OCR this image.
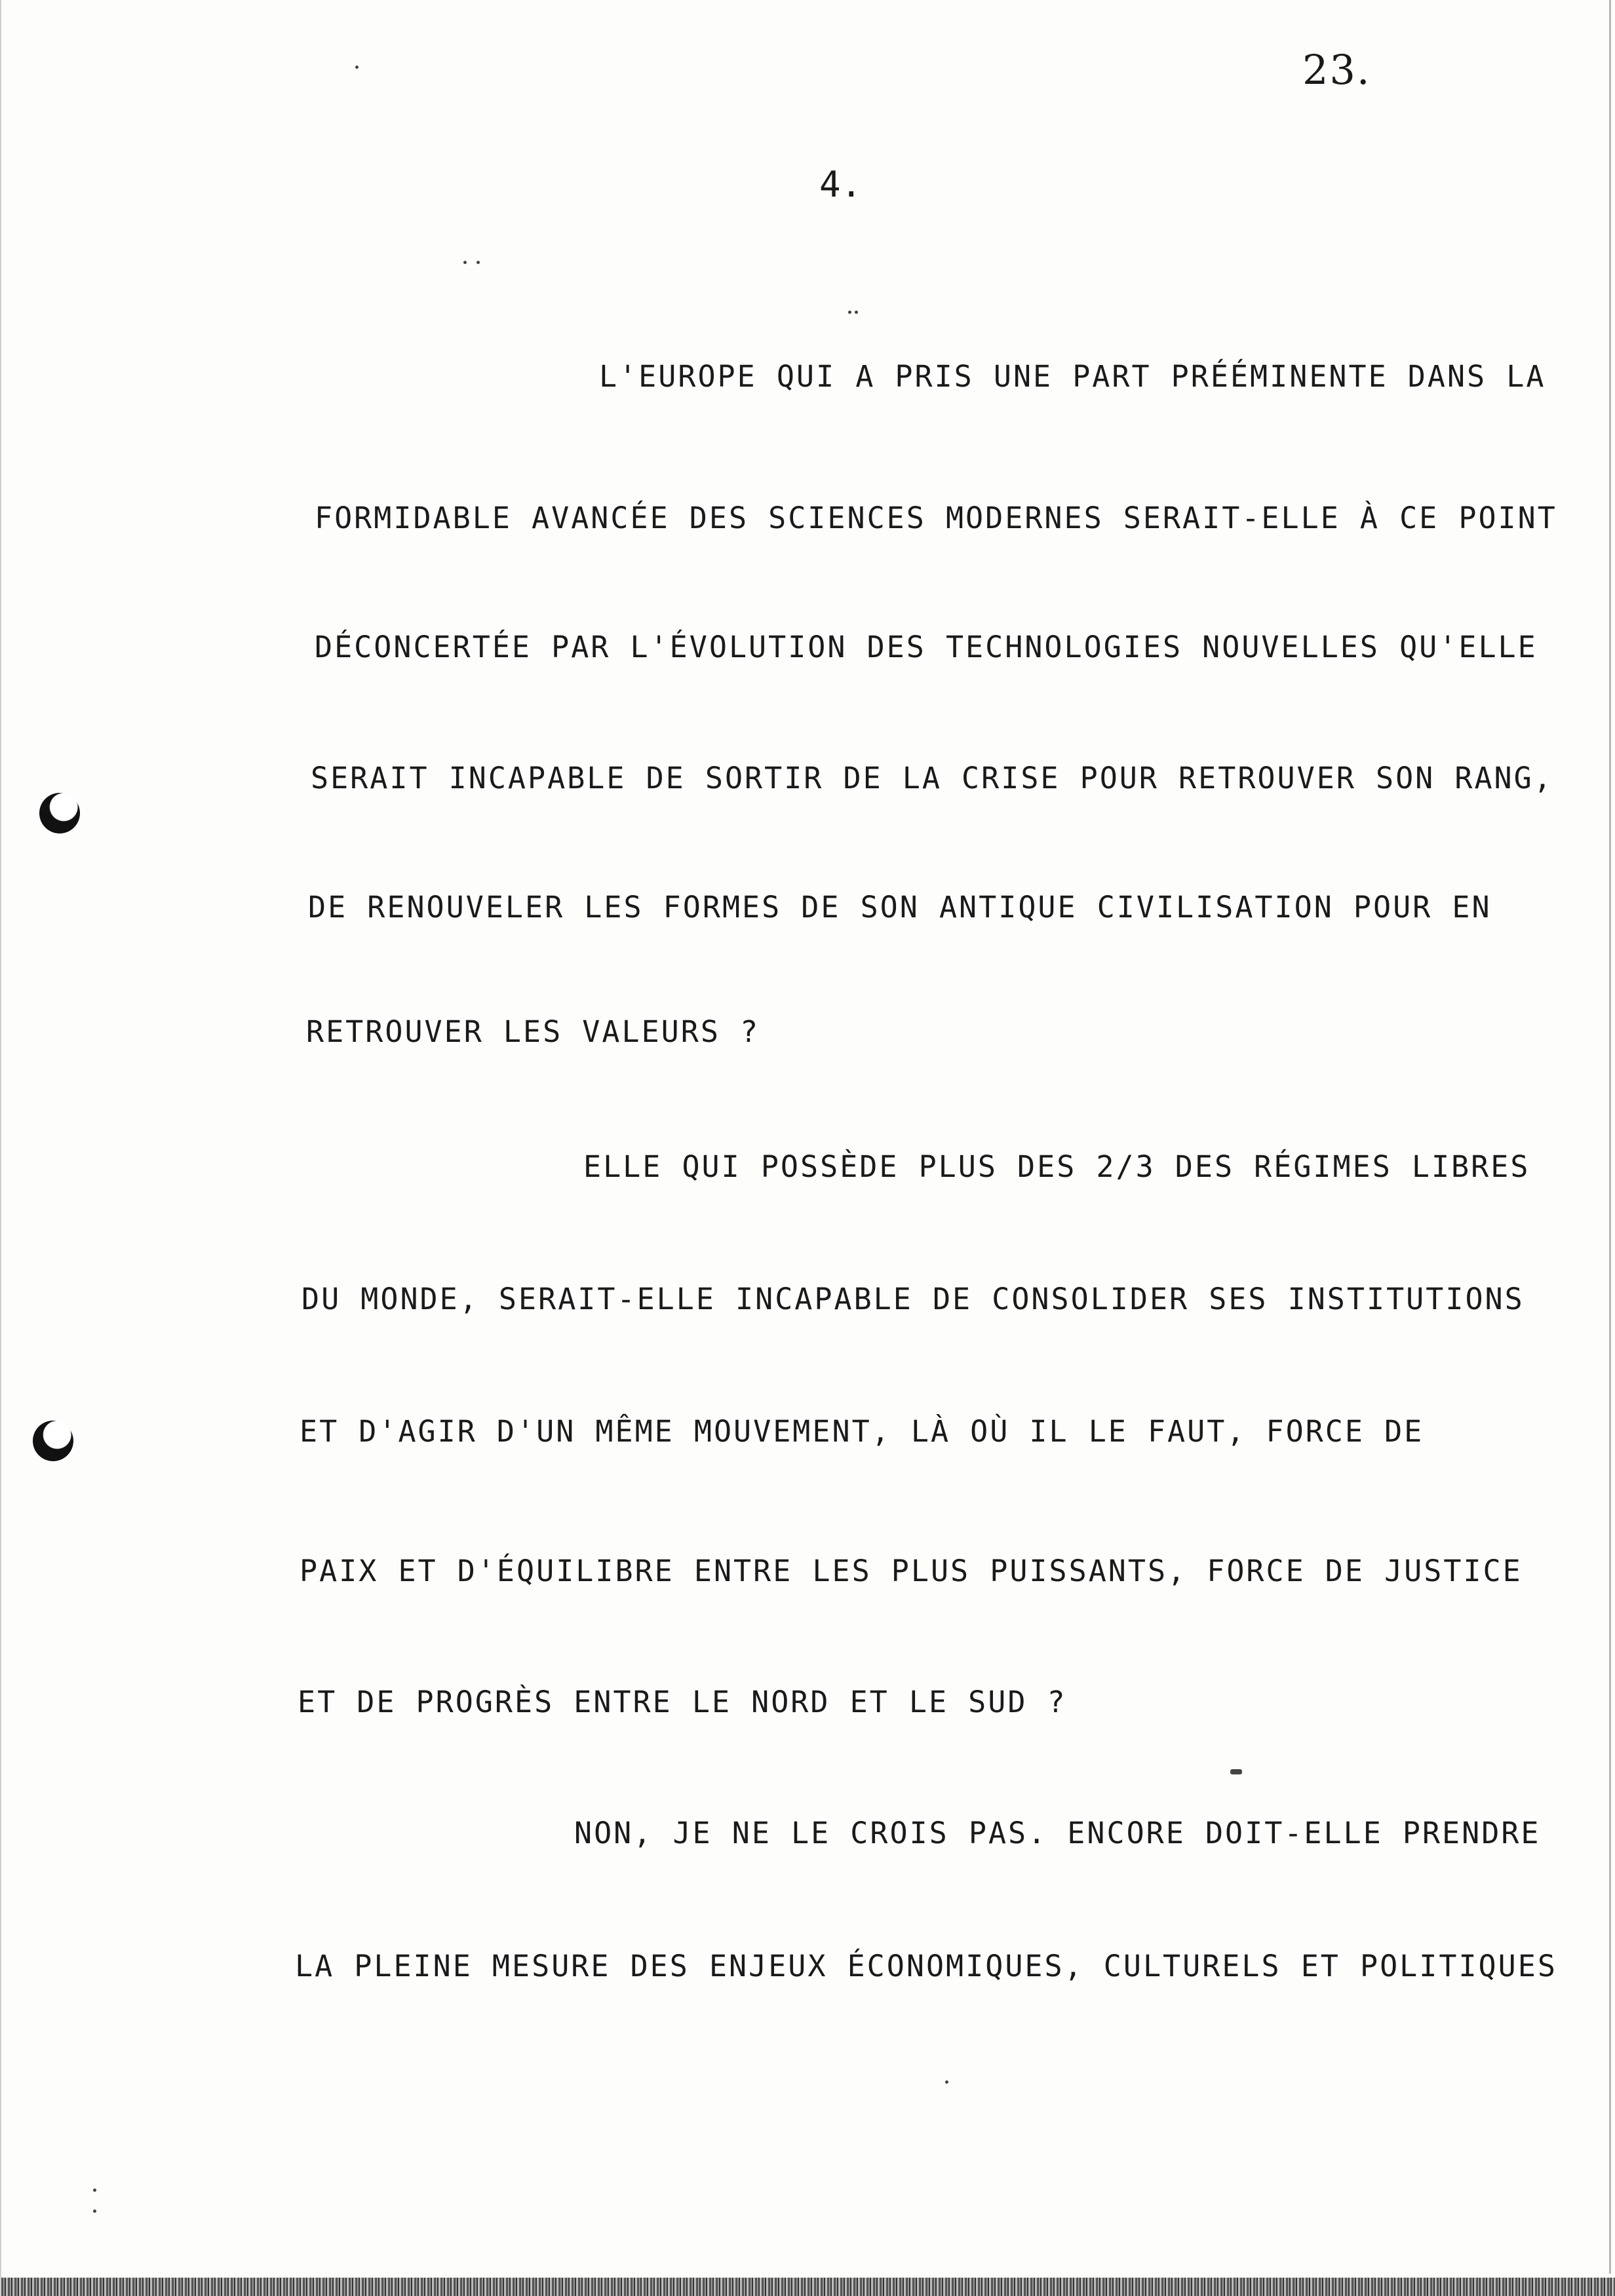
23.
4.
L'EUROPE QUI A PRIS UNE PART PRÉÉMINENTE DANS LA
FORMIDABLE AVANCÉE DES SCIENCES MODERNES SERAIT-ELLE À CE POINT
DÉCONCERTÉE PAR L'ÉVOLUTION DES TECHNOLOGIES NOUVELLES QU'ELLE
SERAIT INCAPABLE DE SORTIR DE LA CRISE POUR RETROUVER SON RANG,
DE RENOUVELER LES FORMES DE SON ANTIQUE CIVILISATION POUR EN
RETROUVER LES VALEURS ?
ELLE QUI POSSÈDE PLUS DES 2/3 DES RÉGIMES LIBRES
DU MONDE, SERAIT-ELLE INCAPABLE DE CONSOLIDER SES INSTITUTIONS
ET D'AGIR D'UN MÊME MOUVEMENT, LÀ OÙ IL LE FAUT, FORCE DE
PAIX ET D'ÉQUILIBRE ENTRE LES PLUS PUISSANTS, FORCE DE JUSTICE
ET DE PROGRÈS ENTRE LE NORD ET LE SUD ?
NON, JE NE LE CROIS PAS. ENCORE DOIT-ELLE PRENDRE
LA PLEINE MESURE DES ENJEUX ÉCONOMIQUES, CULTURELS ET POLITIQUES
